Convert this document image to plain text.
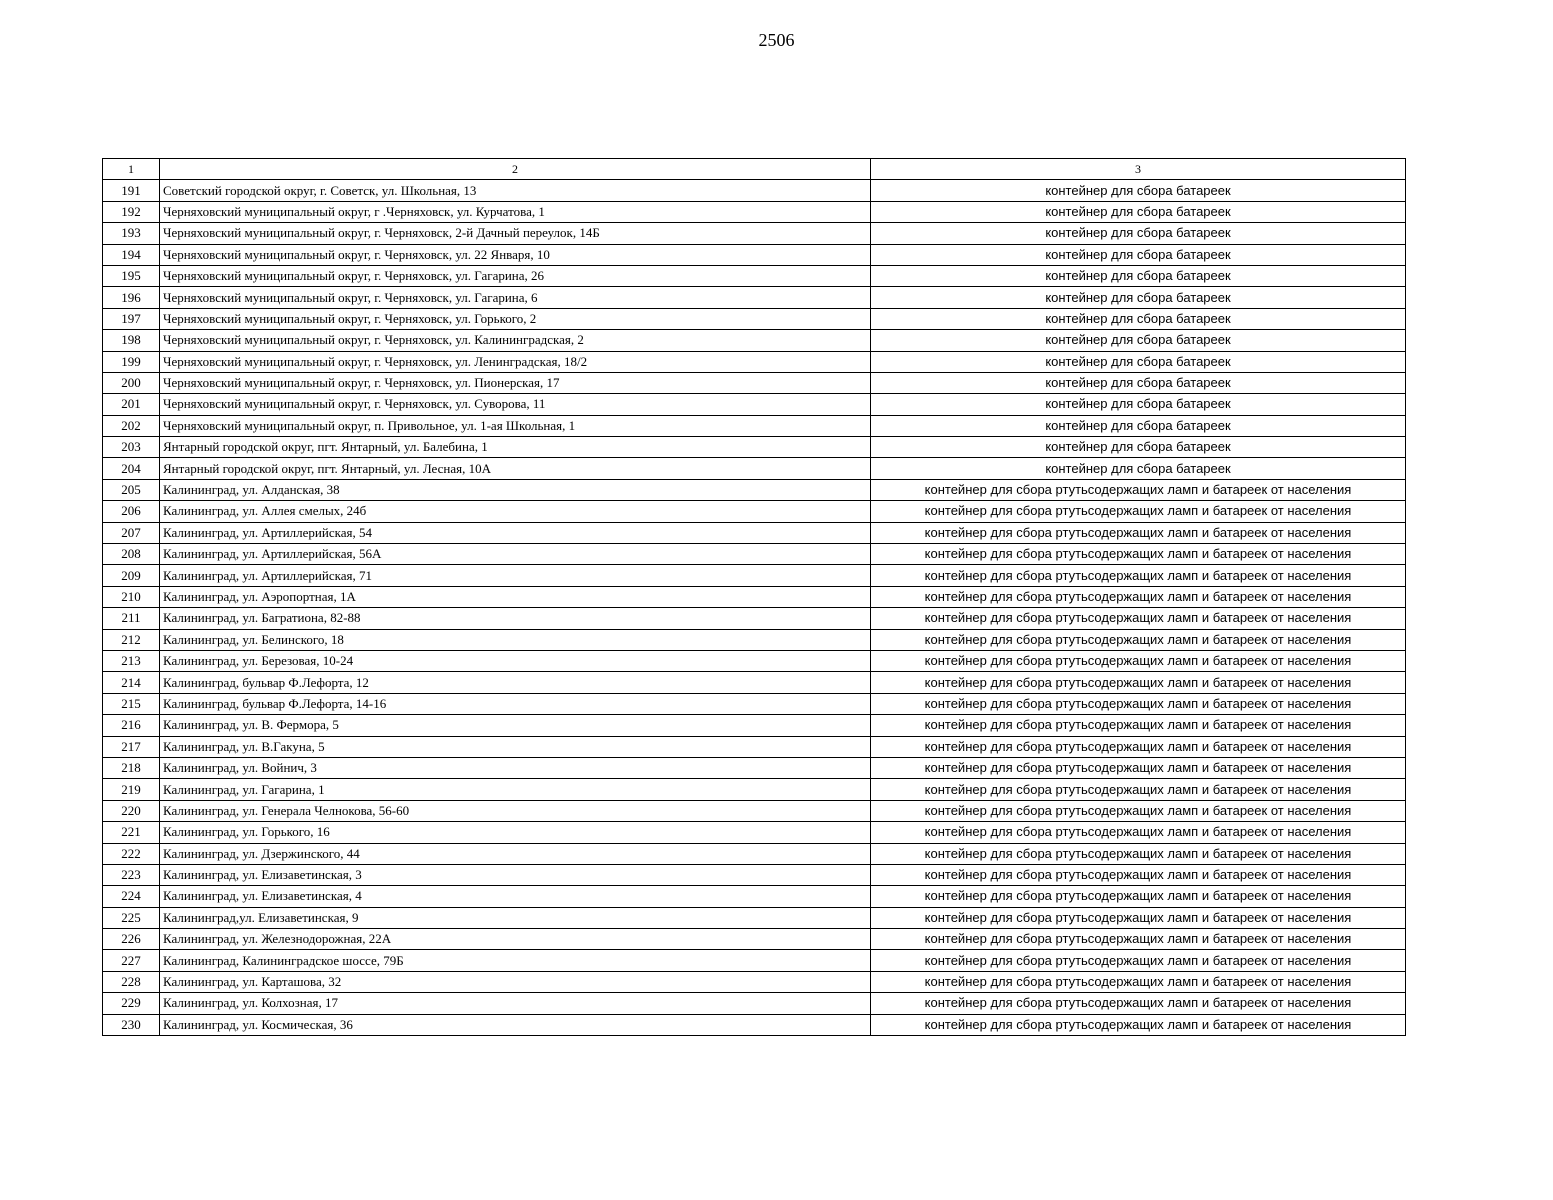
2506
1	2	3
191	Советский городской округ, г. Советск, ул. Школьная, 13	контейнер для сбора батареек
192	Черняховский муниципальный округ, г .Черняховск, ул. Курчатова, 1	контейнер для сбора батареек
193	Черняховский муниципальный округ, г. Черняховск, 2-й Дачный переулок, 14Б	контейнер для сбора батареек
194	Черняховский муниципальный округ, г. Черняховск, ул. 22 Января, 10	контейнер для сбора батареек
195	Черняховский муниципальный округ, г. Черняховск, ул. Гагарина, 26	контейнер для сбора батареек
196	Черняховский муниципальный округ, г. Черняховск, ул. Гагарина, 6	контейнер для сбора батареек
197	Черняховский муниципальный округ, г. Черняховск, ул. Горького, 2	контейнер для сбора батареек
198	Черняховский муниципальный округ, г. Черняховск, ул. Калининградская, 2	контейнер для сбора батареек
199	Черняховский муниципальный округ, г. Черняховск, ул. Ленинградская, 18/2	контейнер для сбора батареек
200	Черняховский муниципальный округ, г. Черняховск, ул. Пионерская, 17	контейнер для сбора батареек
201	Черняховский муниципальный округ, г. Черняховск, ул. Суворова, 11	контейнер для сбора батареек
202	Черняховский муниципальный округ, п. Привольное, ул. 1-ая Школьная, 1	контейнер для сбора батареек
203	Янтарный городской округ, пгт. Янтарный, ул. Балебина, 1	контейнер для сбора батареек
204	Янтарный городской округ, пгт. Янтарный, ул. Лесная, 10А	контейнер для сбора батареек
205	Калининград, ул. Алданская, 38	контейнер для сбора ртутьсодержащих ламп и батареек от населения
206	Калининград, ул. Аллея смелых, 24б	контейнер для сбора ртутьсодержащих ламп и батареек от населения
207	Калининград, ул. Артиллерийская, 54	контейнер для сбора ртутьсодержащих ламп и батареек от населения
208	Калининград, ул. Артиллерийская, 56А	контейнер для сбора ртутьсодержащих ламп и батареек от населения
209	Калининград, ул. Артиллерийская, 71	контейнер для сбора ртутьсодержащих ламп и батареек от населения
210	Калининград, ул. Аэропортная, 1А	контейнер для сбора ртутьсодержащих ламп и батареек от населения
211	Калининград, ул. Багратиона, 82-88	контейнер для сбора ртутьсодержащих ламп и батареек от населения
212	Калининград, ул. Белинского, 18	контейнер для сбора ртутьсодержащих ламп и батареек от населения
213	Калининград, ул. Березовая, 10-24	контейнер для сбора ртутьсодержащих ламп и батареек от населения
214	Калининград, бульвар Ф.Лефорта, 12	контейнер для сбора ртутьсодержащих ламп и батареек от населения
215	Калининград, бульвар Ф.Лефорта, 14-16	контейнер для сбора ртутьсодержащих ламп и батареек от населения
216	Калининград, ул. В. Фермора, 5	контейнер для сбора ртутьсодержащих ламп и батареек от населения
217	Калининград, ул. В.Гакуна, 5	контейнер для сбора ртутьсодержащих ламп и батареек от населения
218	Калининград, ул. Войнич, 3	контейнер для сбора ртутьсодержащих ламп и батареек от населения
219	Калининград, ул. Гагарина, 1	контейнер для сбора ртутьсодержащих ламп и батареек от населения
220	Калининград, ул. Генерала Челнокова, 56-60	контейнер для сбора ртутьсодержащих ламп и батареек от населения
221	Калининград, ул. Горького, 16	контейнер для сбора ртутьсодержащих ламп и батареек от населения
222	Калининград, ул. Дзержинского, 44	контейнер для сбора ртутьсодержащих ламп и батареек от населения
223	Калининград, ул. Елизаветинская, 3	контейнер для сбора ртутьсодержащих ламп и батареек от населения
224	Калининград, ул. Елизаветинская, 4	контейнер для сбора ртутьсодержащих ламп и батареек от населения
225	Калининград,ул. Елизаветинская, 9	контейнер для сбора ртутьсодержащих ламп и батареек от населения
226	Калининград, ул. Железнодорожная, 22А	контейнер для сбора ртутьсодержащих ламп и батареек от населения
227	Калининград, Калининградское шоссе, 79Б	контейнер для сбора ртутьсодержащих ламп и батареек от населения
228	Калининград, ул. Карташова, 32	контейнер для сбора ртутьсодержащих ламп и батареек от населения
229	Калининград, ул. Колхозная, 17	контейнер для сбора ртутьсодержащих ламп и батареек от населения
230	Калининград, ул. Космическая, 36	контейнер для сбора ртутьсодержащих ламп и батареек от населения
